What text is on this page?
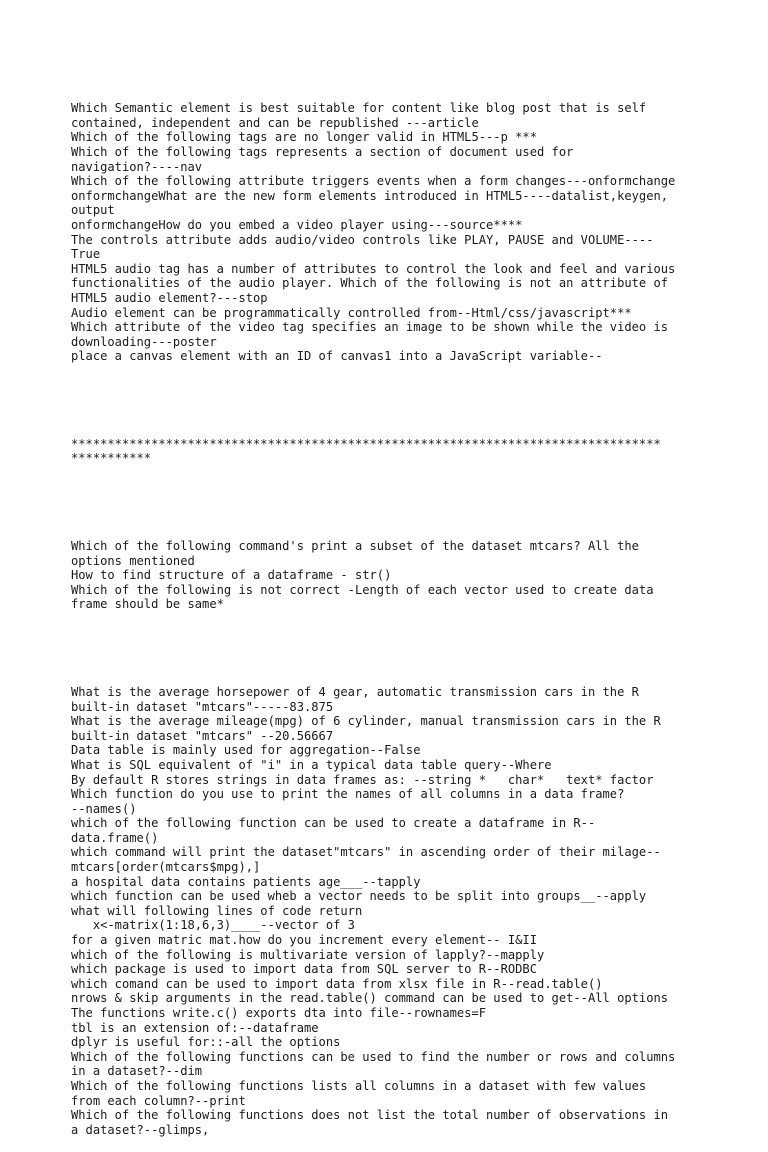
Which Semantic element is best suitable for content like blog post that is self
contained, independent and can be republished ---article
Which of the following tags are no longer valid in HTML5---p ***
Which of the following tags represents a section of document used for
navigation?----nav
Which of the following attribute triggers events when a form changes---onformchange
onformchangeWhat are the new form elements introduced in HTML5----datalist,keygen,
output
onformchangeHow do you embed a video player using---source****
The controls attribute adds audio/video controls like PLAY, PAUSE and VOLUME----
True
HTML5 audio tag has a number of attributes to control the look and feel and various
functionalities of the audio player. Which of the following is not an attribute of
HTML5 audio element?---stop
Audio element can be programmatically controlled from--Html/css/javascript***
Which attribute of the video tag specifies an image to be shown while the video is
downloading---poster
place a canvas element with an ID of canvas1 into a JavaScript variable--

*********************************************************************************
***********

Which of the following command's print a subset of the dataset mtcars? All the
options mentioned
How to find structure of a dataframe - str()
Which of the following is not correct -Length of each vector used to create data
frame should be same*

What is the average horsepower of 4 gear, automatic transmission cars in the R
built-in dataset "mtcars"-----83.875
What is the average mileage(mpg) of 6 cylinder, manual transmission cars in the R
built-in dataset "mtcars" --20.56667
Data table is mainly used for aggregation--False
What is SQL equivalent of "i" in a typical data table query--Where
By default R stores strings in data frames as: --string *   char*   text* factor
Which function do you use to print the names of all columns in a data frame?
--names()
which of the following function can be used to create a dataframe in R--
data.frame()
which command will print the dataset"mtcars" in ascending order of their milage--
mtcars[order(mtcars$mpg),]
a hospital data contains patients age___--tapply
which function can be used wheb a vector needs to be split into groups__--apply
what will following lines of code return
x<-matrix(1:18,6,3)____--vector of 3
for a given matric mat.how do you increment every element-- I&II
which of the following is multivariate version of lapply?--mapply
which package is used to import data from SQL server to R--RODBC
which comand can be used to import data from xlsx file in R--read.table()
nrows & skip arguments in the read.table() command can be used to get--All options
The functions write.c() exports dta into file--rownames=F
tbl is an extension of:--dataframe
dplyr is useful for::-all the options
Which of the following functions can be used to find the number or rows and columns
in a dataset?--dim
Which of the following functions lists all columns in a dataset with few values
from each column?--print
Which of the following functions does not list the total number of observations in
a dataset?--glimps,
